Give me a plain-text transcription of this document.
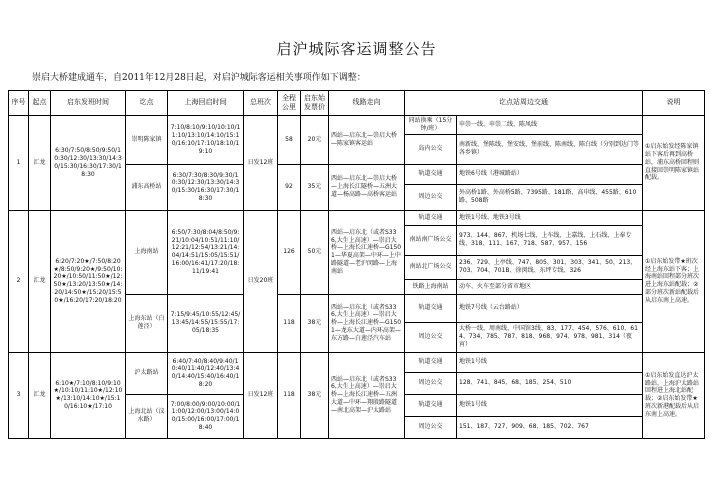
启沪城际客运调整公告
崇启大桥建成通车，自2011年12月28日起，对启沪城际客运相关事项作如下调整：
序号	起点	启东发班时间	讫点	上海回启时间	总班次	全程公里	启东始发票价	线路走向	讫点站周边交通		说明
1	汇龙	6:30/7:50/8:50/9:50/10:30/12:30/13:30/14:30/15:30/16:30/17:30/18:30	崇明陈家镇	7:10/8:10/9:10/10:10/11:10/13:10/14:10/15:10/16:10/17:10/18:10/19:10	日发12班	58	20元	西站—启东北—崇启大桥—陈家镇客运站	同站换乘（15分钟/班）	申崇一线、申崇二线、陈凤线	①启东始发经陈家镇站下客后再到高桥站，浦东高桥回程则直接回崇明陈家镇站配载。
									岛内公交	南新线、堡陈线、堡安线、堡前线、陈南线、陈白线（分别到达门等各乡镇）	
			浦东高桥站	6:30/7:30/8:30/9:30/10:30/12:30/13:30/14:30/15:30/16:30/17:30/18:30		92	35元	西站—启东北—崇启大桥—上海长江隧桥—五洲大道—杨高路—高桥客运站	轨道交通	地铁6号线（港城路站）	
									周边公交	外高桥1路、外高桥5路、7395路、181路、高申线、455路、610路、508路	
2	汇龙	6:20/7:20★/7:50/8:20★/8:50/9:20★/9:50/10:20★/10:50/11:50★/12:50★/13:20/13:50★/14:20/14:50★/15:20/15:50★/16:20/17:20/18:20	上海南站	6:50/7:30/8:04/8:50/9:21/10:04/10:51/11:10/12:21/12:54/13:21/14:04/14:51/15:05/15:51/16:00/16:41/17:20/18:11/19:41	日发20班	126	50元	西站—启东北（或者S336,大生上高速）—崇启大桥—上海长江速桥—G1501—华夏高架—中环—上中路隧道—老沪闵路—上海南站	轨道交通	地铁1号线、地铁3号线	①启东始发带★班次经上海东站下客；上海南站回程部分班次进上海东站配载；②部分班次新站配载后从启东南上高速。
									南站南广场公交	973、144、867、机场七线、上车线、上嘉线、上石线、上奉专线、318、111、167、718、587、957、156	
									南站北广场公交	236、729、上亭线、747、805、301、303、341、50、213、703、704、701B、徐闵线、东坪专线、326	
									铁路上海南站	动车、火车至部分省市地区	
			上海东站（白莲泾）	7:15/9:45/10:55/12:45/13:45/14:55/15:55/17:05/18:35		118	38元	西站—启东北（或者S336,大生上高速）—崇启大桥—上海长江速桥—G1501—龙东大道—内环高架—东方路—白莲泾汽车站	轨道交通	地铁7号线（云台路站）	
									周边公交	大桥一线、周南线、中国馆3线、83、177、454、576、610、614、734、785、787、818、968、974、978、981、314（夜宵）	
3	汇龙	6:10★/7:10/8:10/9:10★/10:10/11:10★/12:10★/13:10/14:10★/15:10/16:10★/17:10	沪太路站	6:40/7:40/8:40/9:40/10:40/11:40/12:40/13:40/14:40/15:40/16:40/18:20	日发12班	118	38元	西站—启东北（或者S336,大生上高速）—崇启大桥—上海长江速桥—五洲大道—中环—翔殷路隧道—南北高架—沪太路站	轨道交通	地铁1号线	①启东始发直达沪太路站，上海沪太路站回程进上海北站配载；②启东始发带★班次新港配载后从启东南上高速。
									周边公交	128、741、845、68、185、254、510	
			上海北站（汶水路）	7:00/8:00/9:00/10:00/11:00/12:00/13:00/14:00/15:00/16:00/17:00/18:40					轨道交通	地铁1号线	
									周边公交	151、187、727、909、68、185、702、767	
